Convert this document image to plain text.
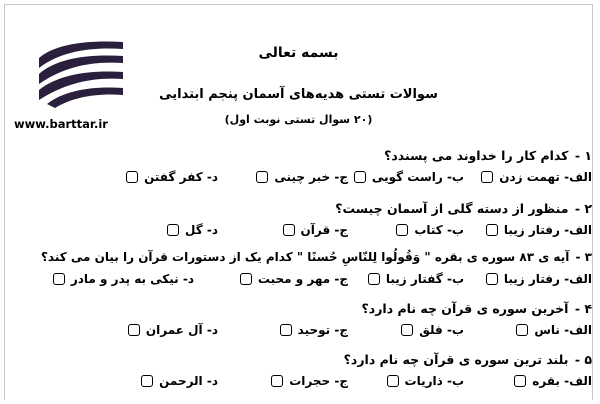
www.barttar.ir
بسمه تعالی
سوالات تستی هدیه‌های آسمان پنجم ابتدایی
(۲۰ سوال تستی نوبت اول)
۱ - کدام کار را خداوند می پسندد؟
الف- تهمت زدن
ب- راست گویی
ج- خبر چینی
د- کفر گفتن
۲ - منظور از دسته گلی از آسمان چیست؟
الف- رفتار زیبا
ب- کتاب
ج- قرآن
د- گل
۳ - آیه ی ۸۳ سوره ی بقره " وَقُولُوا لِلنّاسِ حُسنًا " کدام یک از دستورات قرآن را بیان می کند؟
الف- رفتار زیبا
ب- گفتار زیبا
ج- مهر و محبت
د- نیکی به پدر و مادر
۴ - آخرین سوره ی قرآن چه نام دارد؟
الف- ناس
ب- فلق
ج- توحید
د- آل عمران
۵ - بلند ترین سوره ی قرآن چه نام دارد؟
الف- بقره
ب- ذاریات
ج- حجرات
د- الرحمن
